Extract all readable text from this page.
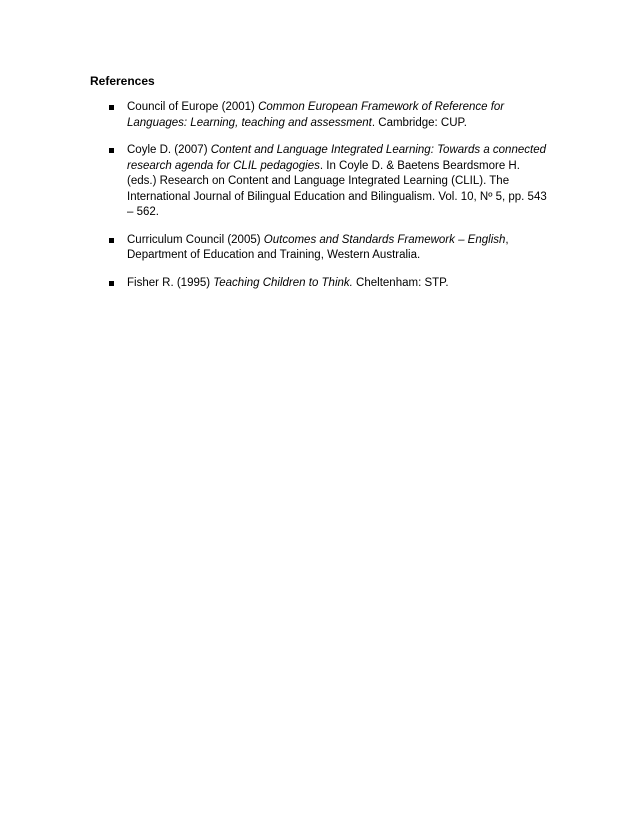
References

Council of Europe (2001) Common European Framework of Reference for Languages: Learning, teaching and assessment. Cambridge: CUP.
Coyle D. (2007) Content and Language Integrated Learning: Towards a connected research agenda for CLIL pedagogies. In Coyle D. & Baetens Beardsmore H. (eds.) Research on Content and Language Integrated Learning (CLIL). The International Journal of Bilingual Education and Bilingualism. Vol. 10, Nº 5, pp. 543 – 562.
Curriculum Council (2005) Outcomes and Standards Framework – English, Department of Education and Training, Western Australia.
Fisher R. (1995) Teaching Children to Think. Cheltenham: STP.
